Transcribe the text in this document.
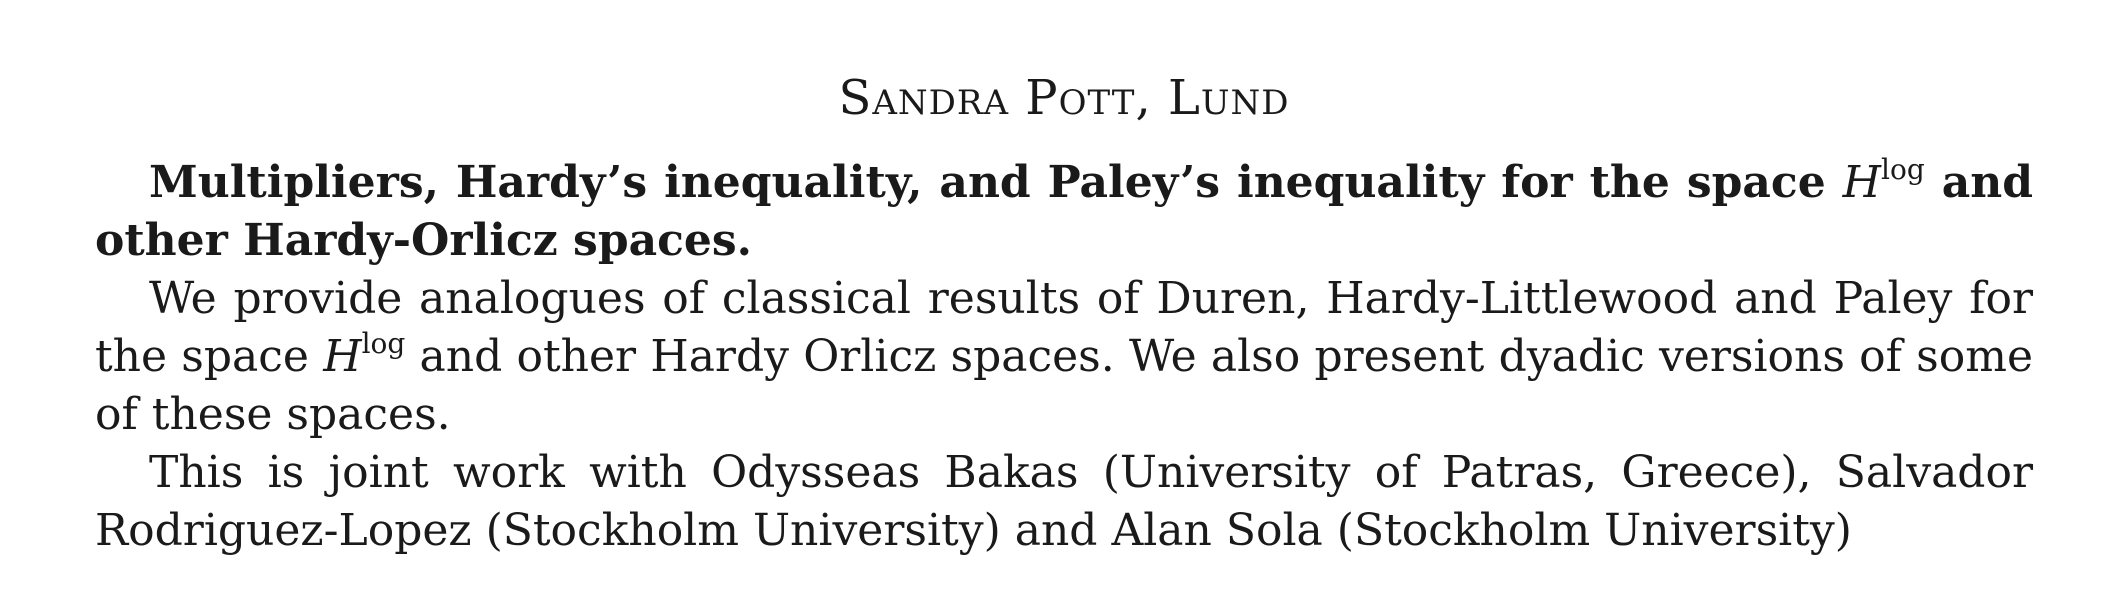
Sandra Pott, Lund

Multipliers, Hardy’s inequality, and Paley’s inequality for the space $H^{log}$ and other Hardy-Orlicz spaces.

We provide analogues of classical results of Duren, Hardy-Littlewood and Paley for the space $H^{log}$ and other Hardy Orlicz spaces. We also present dyadic versions of some of these spaces.

This is joint work with Odysseas Bakas (University of Patras, Greece), Salvador Rodriguez-Lopez (Stockholm University) and Alan Sola (Stockholm University)
